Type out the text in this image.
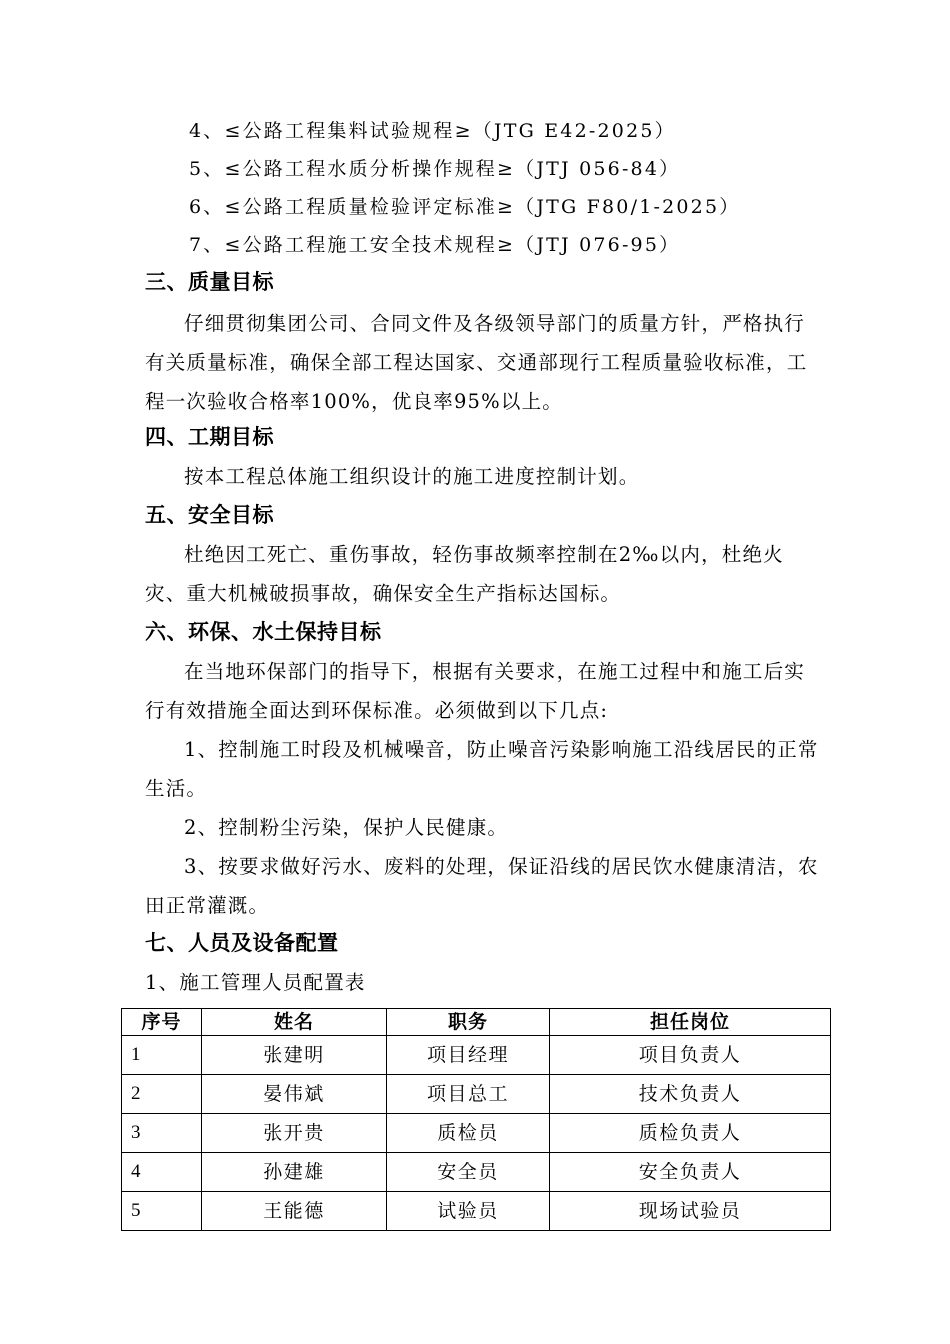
4、≤公路工程集料试验规程≥（JTG E42-2025）
5、≤公路工程水质分析操作规程≥（JTJ 056-84）
6、≤公路工程质量检验评定标准≥（JTG F80/1-2025）
7、≤公路工程施工安全技术规程≥（JTJ 076-95）
三、质量目标

仔细贯彻集团公司、合同文件及各级领导部门的质量方针，严格执行有关质量标准，确保全部工程达国家、交通部现行工程质量验收标准，工程一次验收合格率100%，优良率95%以上。

四、工期目标

按本工程总体施工组织设计的施工进度控制计划。

五、安全目标

杜绝因工死亡、重伤事故，轻伤事故频率控制在2‰以内，杜绝火灾、重大机械破损事故，确保安全生产指标达国标。

六、环保、水土保持目标

在当地环保部门的指导下，根据有关要求，在施工过程中和施工后实行有效措施全面达到环保标准。必须做到以下几点:

1、控制施工时段及机械噪音，防止噪音污染影响施工沿线居民的正常生活。

2、控制粉尘污染，保护人民健康。

3、按要求做好污水、废料的处理，保证沿线的居民饮水健康清洁，农田正常灌溉。

七、人员及设备配置

1、施工管理人员配置表

序号	姓名	职务	担任岗位
1	张建明	项目经理	项目负责人
2	晏伟斌	项目总工	技术负责人
3	张开贵	质检员	质检负责人
4	孙建雄	安全员	安全负责人
5	王能德	试验员	现场试验员
